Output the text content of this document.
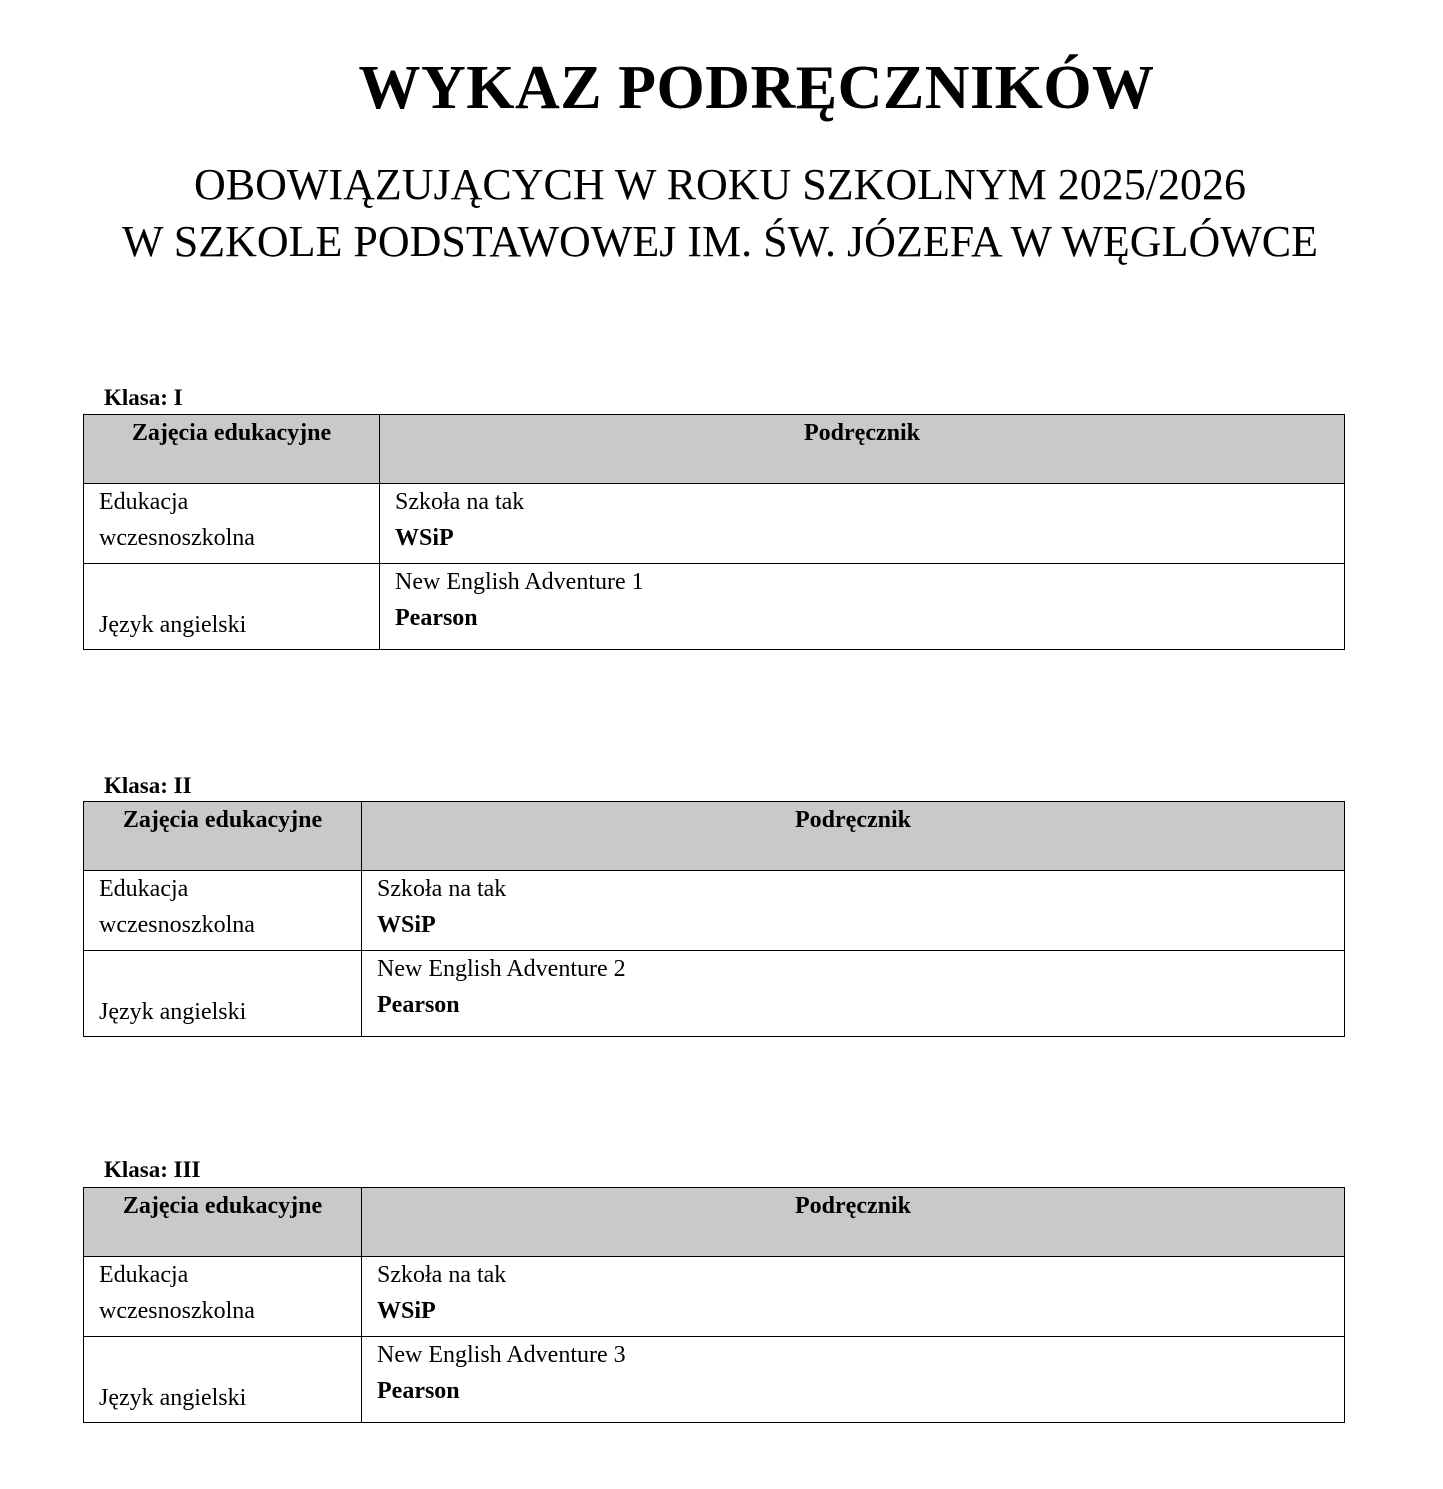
WYKAZ PODRĘCZNIKÓW

OBOWIĄZUJĄCYCH W ROKU SZKOLNYM 2025/2026

W SZKOLE PODSTAWOWEJ IM. ŚW. JÓZEFA W WĘGLÓWCE

Klasa: I

Zajęcia edukacyjne	Podręcznik

Edukacja
wczesnoszkolna	Szkoła na tak
WSiP

Język angielski	New English Adventure 1
Pearson

Klasa: II

Zajęcia edukacyjne	Podręcznik

Edukacja
wczesnoszkolna	Szkoła na tak
WSiP

Język angielski	New English Adventure 2
Pearson

Klasa: III

Zajęcia edukacyjne	Podręcznik

Edukacja
wczesnoszkolna	Szkoła na tak
WSiP

Język angielski	New English Adventure 3
Pearson
